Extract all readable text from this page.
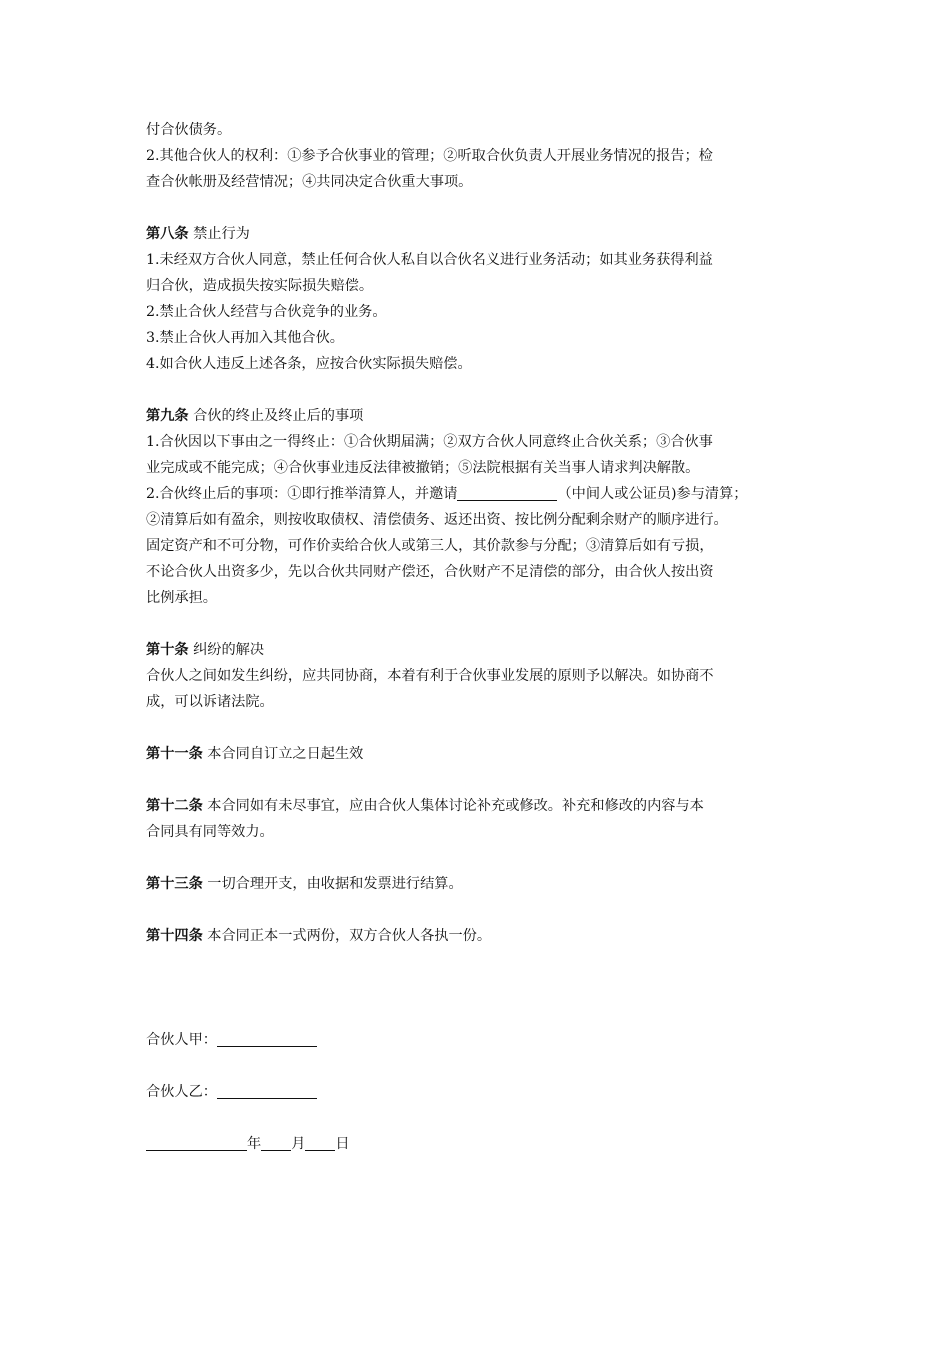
付合伙债务。
2.其他合伙人的权利：①参予合伙事业的管理；②听取合伙负责人开展业务情况的报告；检
查合伙帐册及经营情况；④共同决定合伙重大事项。
第八条 禁止行为
1.未经双方合伙人同意，禁止任何合伙人私自以合伙名义进行业务活动；如其业务获得利益
归合伙，造成损失按实际损失赔偿。
2.禁止合伙人经营与合伙竞争的业务。
3.禁止合伙人再加入其他合伙。
4.如合伙人违反上述各条，应按合伙实际损失赔偿。
第九条 合伙的终止及终止后的事项
1.合伙因以下事由之一得终止：①合伙期届满；②双方合伙人同意终止合伙关系；③合伙事
业完成或不能完成；④合伙事业违反法律被撤销；⑤法院根据有关当事人请求判决解散。
2.合伙终止后的事项：①即行推举清算人，并邀请	（中间人或公证员)参与清算；
②清算后如有盈余，则按收取债权、清偿债务、返还出资、按比例分配剩余财产的顺序进行。
固定资产和不可分物，可作价卖给合伙人或第三人，其价款参与分配；③清算后如有亏损，
不论合伙人出资多少，先以合伙共同财产偿还，合伙财产不足清偿的部分，由合伙人按出资
比例承担。
第十条 纠纷的解决
合伙人之间如发生纠纷，应共同协商，本着有利于合伙事业发展的原则予以解决。如协商不
成，可以诉诸法院。
第十一条 本合同自订立之日起生效
第十二条 本合同如有未尽事宜，应由合伙人集体讨论补充或修改。补充和修改的内容与本
合同具有同等效力。
第十三条 一切合理开支，由收据和发票进行结算。
第十四条 本合同正本一式两份，双方合伙人各执一份。
合伙人甲：
合伙人乙：
年 月 日
